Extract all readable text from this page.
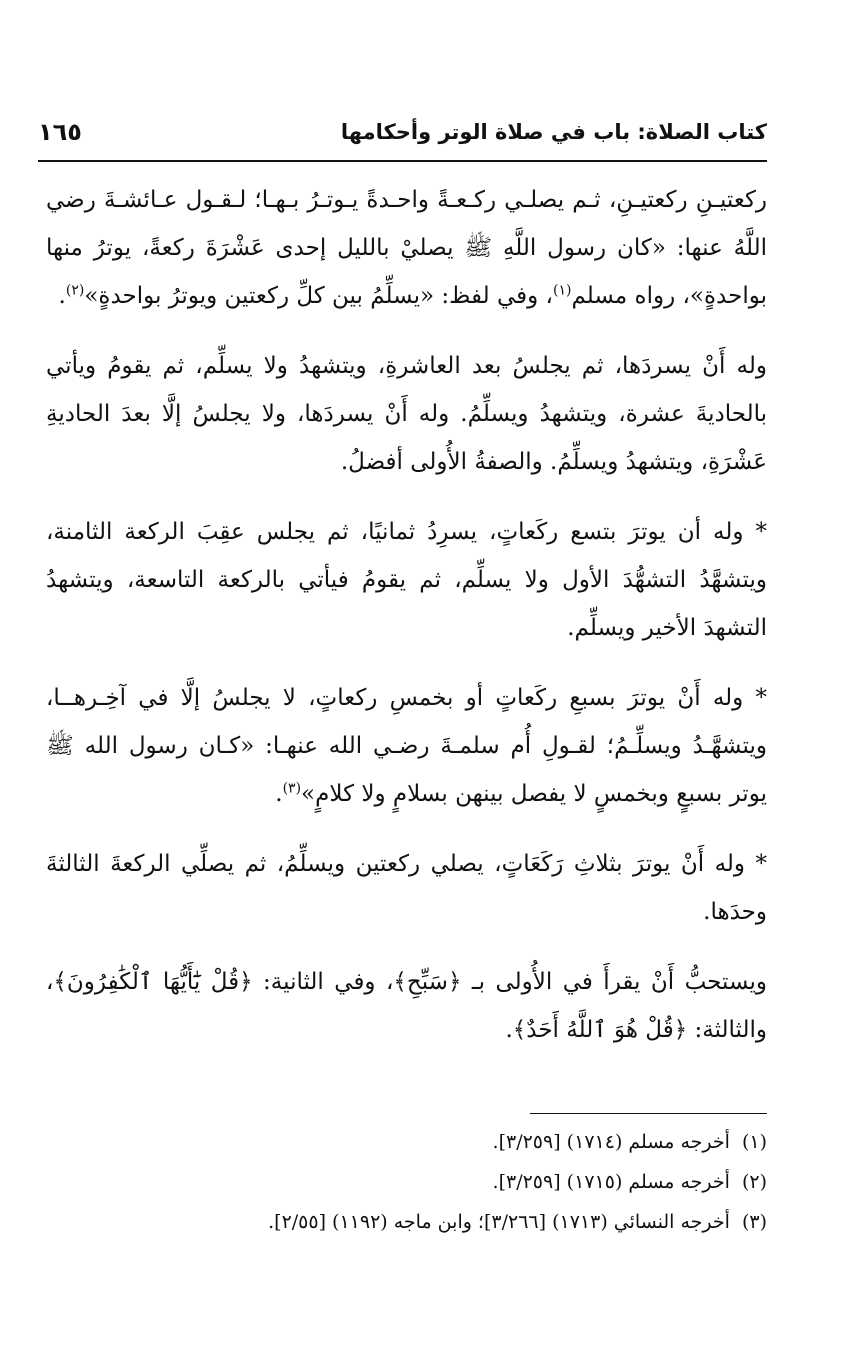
كتاب الصلاة: باب في صلاة الوتر وأحكامها
١٦٥

ركعتيـنِ ركعتيـنِ، ثـم يصلـي ركـعـةً واحـدةً يـوتـرُ بـهـا؛ لـقـول عـائشـةَ رضي اللَّهُ عنها: «كان رسول اللَّهِ ﷺ يصليْ بالليل إحدى عَشْرَةَ ركعةً، يوترُ منها بواحدةٍ»، رواه مسلم$^{(١)}$، وفي لفظ: «يسلِّمُ بين كلِّ ركعتين ويوترُ بواحدةٍ»$^{(٢)}$.

وله أَنْ يسردَها، ثم يجلسُ بعد العاشرةِ، ويتشهدُ ولا يسلِّم، ثم يقومُ ويأتي بالحاديةَ عشرة، ويتشهدُ ويسلِّمُ. وله أَنْ يسردَها، ولا يجلسُ إلَّا بعدَ الحاديةِ عَشْرَةِ، ويتشهدُ ويسلِّمُ. والصفةُ الأُولى أفضلُ.

* وله أن يوترَ بتسع ركَعاتٍ، يسرِدُ ثمانيًا، ثم يجلس عقِبَ الركعة الثامنة، ويتشهَّدُ التشهُّدَ الأول ولا يسلِّم، ثم يقومُ فيأتي بالركعة التاسعة، ويتشهدُ التشهدَ الأخير ويسلِّم.

* وله أَنْ يوترَ بسبعِ ركَعاتٍ أو بخمسِ ركعاتٍ، لا يجلسُ إلَّا في آخِـرهــا، ويتشهَّـدُ ويسلِّـمُ؛ لقـولِ أُم سلمـةَ رضـي الله عنهـا: «كـان رسول الله ﷺ يوتر بسبعٍ وبخمسٍ لا يفصل بينهن بسلامٍ ولا كلامٍ»$^{(٣)}$.

* وله أَنْ يوترَ بثلاثِ رَكَعَاتٍ، يصلي ركعتين ويسلِّمُ، ثم يصلِّي الركعةَ الثالثةَ وحدَها.

ويستحبُّ أَنْ يقرأَ في الأُولى بـ ﴿سَبِّحِ﴾، وفي الثانية: ﴿قُلْ يَٰٓأَيُّهَا ٱلْكَٰفِرُونَ﴾، والثالثة: ﴿قُلْ هُوَ ٱللَّهُ أَحَدٌ﴾.

(١)أخرجه مسلم (١٧١٤) [٣/٢٥٩].

(٢)أخرجه مسلم (١٧١٥) [٣/٢٥٩].

(٣)أخرجه النسائي (١٧١٣) [٣/٢٦٦]؛ وابن ماجه (١١٩٢) [٢/٥٥].
